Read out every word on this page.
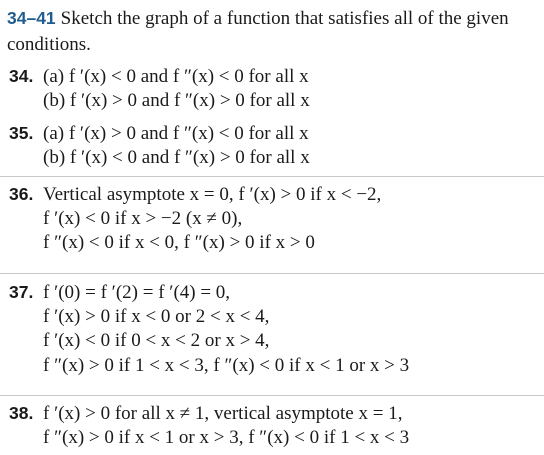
34–41 Sketch the graph of a function that satisfies all of the given conditions.
34. (a) f ′(x) < 0 and f ″(x) < 0 for all x
(b) f ′(x) > 0 and f ″(x) > 0 for all x
35. (a) f ′(x) > 0 and f ″(x) < 0 for all x
(b) f ′(x) < 0 and f ″(x) > 0 for all x
36. Vertical asymptote x = 0, f ′(x) > 0 if x < −2,
f ′(x) < 0 if x > −2 (x ≠ 0),
f ″(x) < 0 if x < 0, f ″(x) > 0 if x > 0
37. f ′(0) = f ′(2) = f ′(4) = 0,
f ′(x) > 0 if x < 0 or 2 < x < 4,
f ′(x) < 0 if 0 < x < 2 or x > 4,
f ″(x) > 0 if 1 < x < 3, f ″(x) < 0 if x < 1 or x > 3
38. f ′(x) > 0 for all x ≠ 1, vertical asymptote x = 1,
f ″(x) > 0 if x < 1 or x > 3, f ″(x) < 0 if 1 < x < 3
